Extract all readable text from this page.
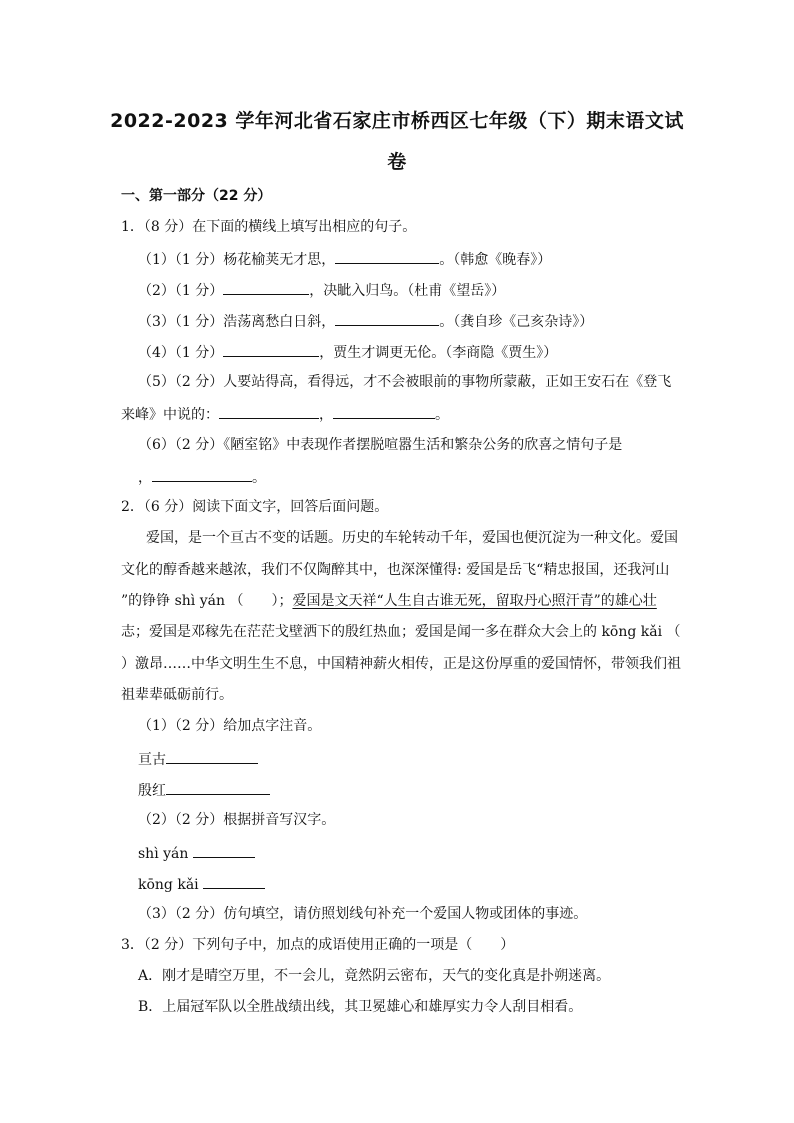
2022-2023 学年河北省石家庄市桥西区七年级（下）期末语文试
卷
一、第一部分（22 分）
1．（8 分）在下面的横线上填写出相应的句子。
（1）（1 分）杨花榆荚无才思，	。（韩愈《晚春》）
（2）（1 分）	，决眦入归鸟。（杜甫《望岳》）
（3）（1 分）浩荡离愁白日斜，	。（龚自珍《己亥杂诗》）
（4）（1 分）	，贾生才调更无伦。（李商隐《贾生》）
（5）（2 分）人要站得高，看得远，才不会被眼前的事物所蒙蔽，正如王安石在《登飞
来峰》中说的：	，	。
（6）（2 分）《陋室铭》中表现作者摆脱喧嚣生活和繁杂公务的欣喜之情句子是
，	。
2．（6 分）阅读下面文字，回答后面问题。
爱国，是一个亘古不变的话题。历史的车轮转动千年，爱国也便沉淀为一种文化。爱国
文化的醇香越来越浓，我们不仅陶醉其中，也深深懂得: 爱国是岳飞“精忠报国，还我河山
”的铮铮 shì yán （　　）；爱国是文天祥“人生自古谁无死，留取丹心照汗青”的雄心壮
志；爱国是邓稼先在茫茫戈壁洒下的殷红热血；爱国是闻一多在群众大会上的 kōng kǎi （
）激昂……中华文明生生不息，中国精神薪火相传，正是这份厚重的爱国情怀，带领我们祖
祖辈辈砥砺前行。
（1）（2 分）给加点字注音。
亘古
殷红
（2）（2 分）根据拼音写汉字。
shì yán
kōng kǎi
（3）（2 分）仿句填空，请仿照划线句补充一个爱国人物或团体的事迹。
3．（2 分）下列句子中，加点的成语使用正确的一项是（　　）
A．刚才是晴空万里，不一会儿，竟然阴云密布，天气的变化真是扑朔迷离。
B．上届冠军队以全胜战绩出线，其卫冕雄心和雄厚实力令人刮目相看。
